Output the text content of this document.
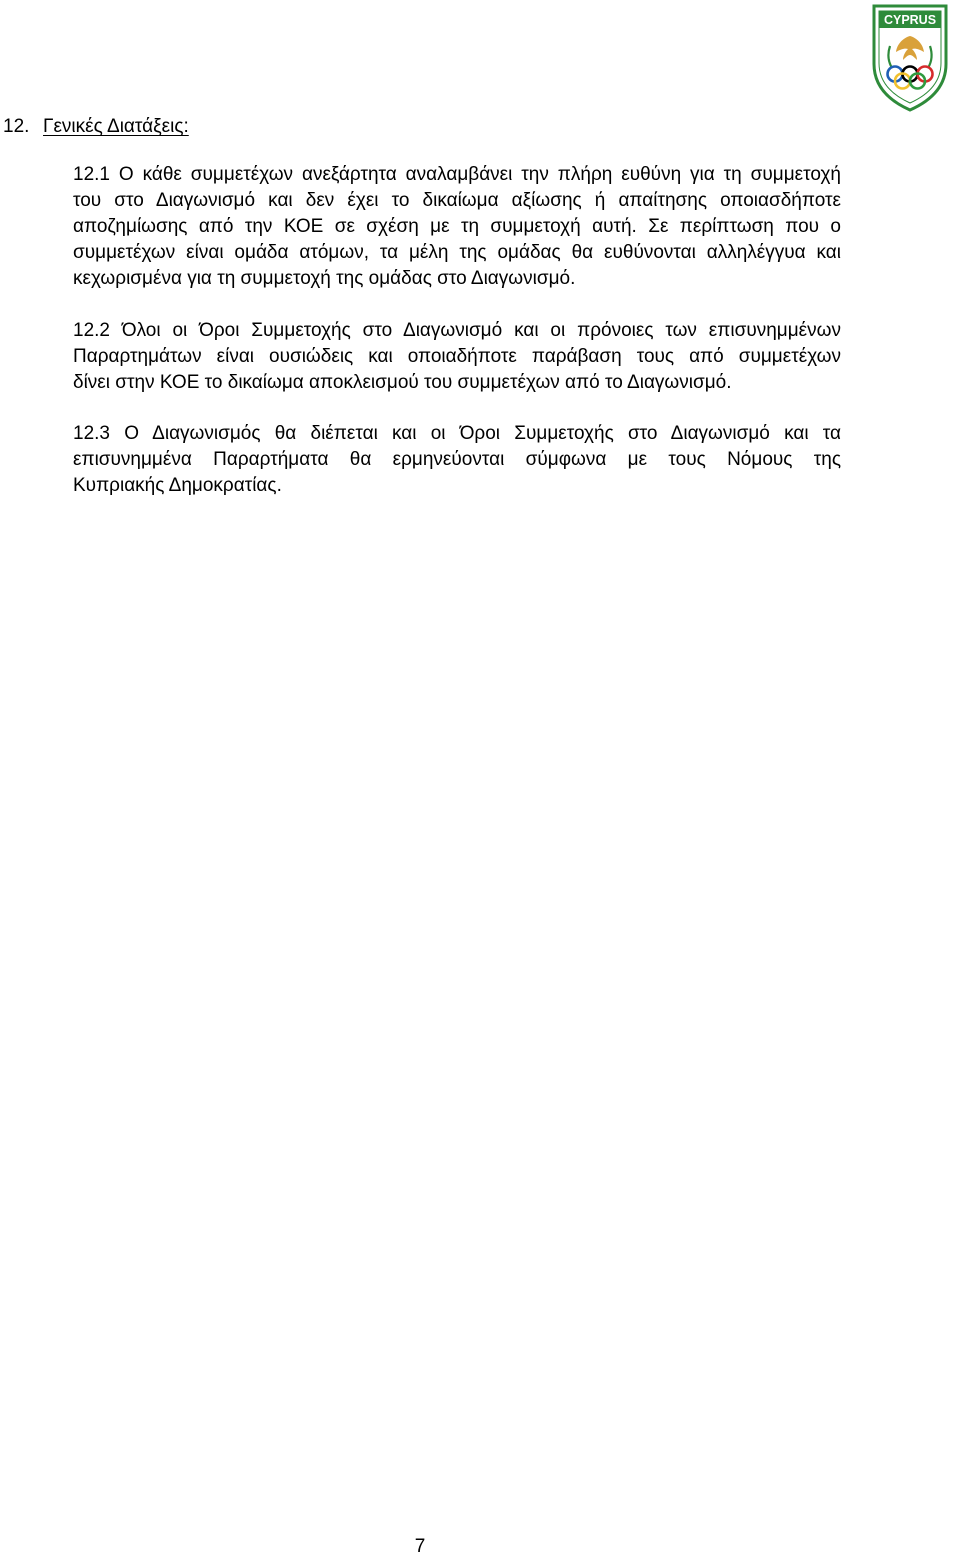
CYPRUS
12. Γενικές Διατάξεις:
12.1 Ο κάθε συμμετέχων ανεξάρτητα αναλαμβάνει την πλήρη ευθύνη για τη συμμετοχή
του στο Διαγωνισμό και δεν έχει το δικαίωμα αξίωσης ή απαίτησης οποιασδήποτε
αποζημίωσης από την ΚΟΕ σε σχέση με τη συμμετοχή αυτή. Σε περίπτωση που ο
συμμετέχων είναι ομάδα ατόμων, τα μέλη της ομάδας θα ευθύνονται αλληλέγγυα και
κεχωρισμένα για τη συμμετοχή της ομάδας στο Διαγωνισμό.
12.2 Όλοι οι Όροι Συμμετοχής στο Διαγωνισμό και οι πρόνοιες των επισυνημμένων
Παραρτημάτων είναι ουσιώδεις και οποιαδήποτε παράβαση τους από συμμετέχων
δίνει στην ΚΟΕ το δικαίωμα αποκλεισμού του συμμετέχων από το Διαγωνισμό.
12.3 Ο Διαγωνισμός θα διέπεται και οι Όροι Συμμετοχής στο Διαγωνισμό και τα
επισυνημμένα Παραρτήματα θα ερμηνεύονται σύμφωνα με τους Νόμους της
Κυπριακής Δημοκρατίας.
7
